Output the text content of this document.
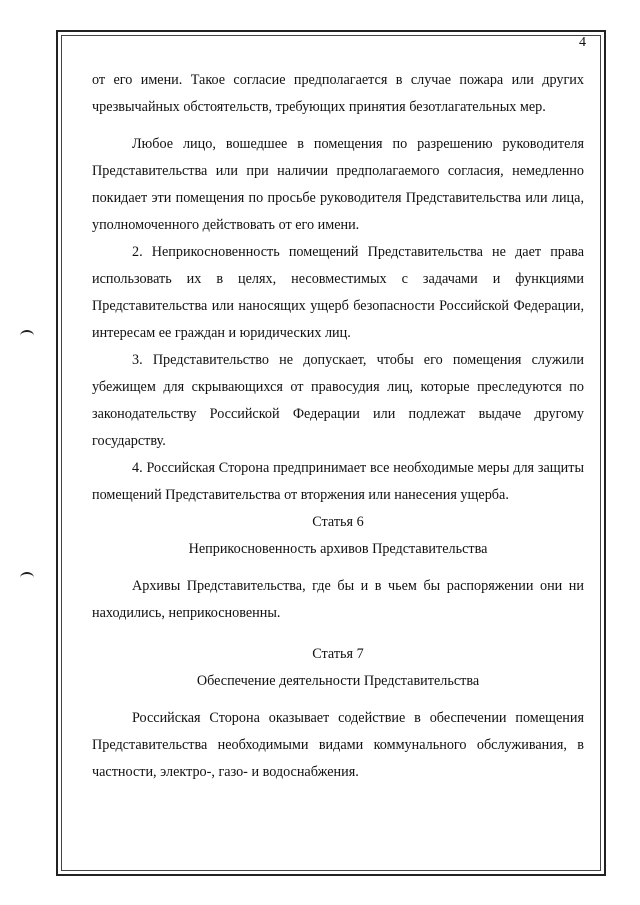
4

от его имени. Такое согласие предполагается в случае пожара или других чрезвычайных обстоятельств, требующих принятия безотлагательных мер.

Любое лицо, вошедшее в помещения по разрешению руководителя Представительства или при наличии предполагаемого согласия, немедленно покидает эти помещения по просьбе руководителя Представительства или лица, уполномоченного действовать от его имени.

2. Неприкосновенность помещений Представительства не дает права использовать их в целях, несовместимых с задачами и функциями Представительства или наносящих ущерб безопасности Российской Федерации, интересам ее граждан и юридических лиц.

3. Представительство не допускает, чтобы его помещения служили убежищем для скрывающихся от правосудия лиц, которые преследуются по законодательству Российской Федерации или подлежат выдаче другому государству.

4. Российская Сторона предпринимает все необходимые меры для защиты помещений Представительства от вторжения или нанесения ущерба.

Статья 6
Неприкосновенность архивов Представительства

Архивы Представительства, где бы и в чьем бы распоряжении они ни находились, неприкосновенны.

Статья 7
Обеспечение деятельности Представительства

Российская Сторона оказывает содействие в обеспечении помещения Представительства необходимыми видами коммунального обслуживания, в частности, электро-, газо- и водоснабжения.
